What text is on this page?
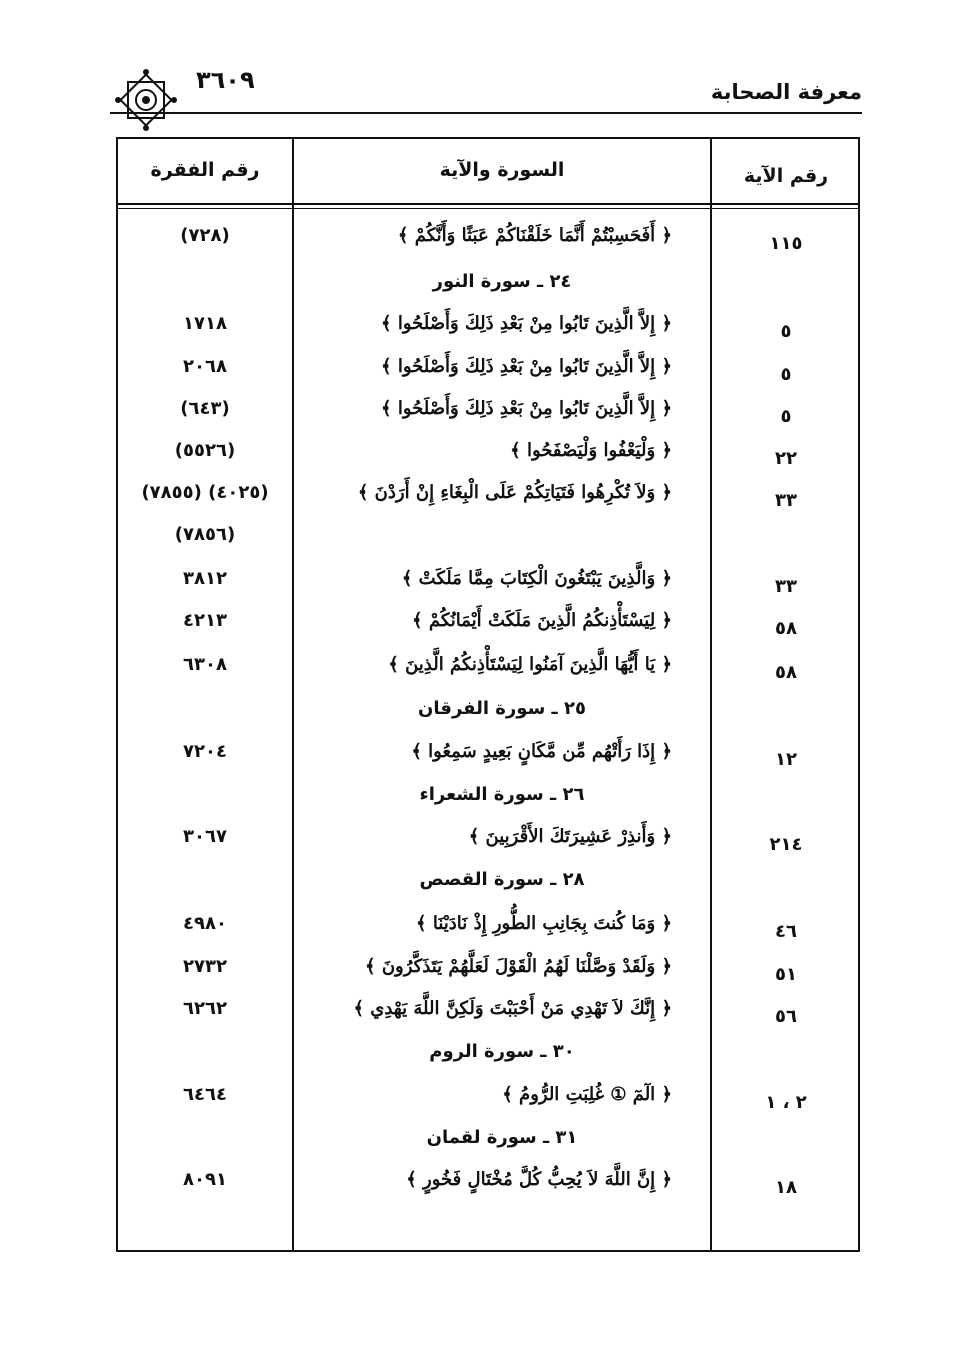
معرفة الصحابة
٣٦٠٩
رقم الفقرة	السورة والآية	رقم الآية
(٧٢٨)	﴿ أَفَحَسِبْتُمْ أَنَّمَا خَلَقْنَاكُمْ عَبَثًا وَأَنَّكُمْ ﴾	١١٥
٢٤ ـ سورة النور
١٧١٨	﴿ إِلاَّ الَّذِينَ تَابُوا مِنْ بَعْدِ ذَلِكَ وَأَصْلَحُوا ﴾	٥
٢٠٦٨	﴿ إِلاَّ الَّذِينَ تَابُوا مِنْ بَعْدِ ذَلِكَ وَأَصْلَحُوا ﴾	٥
(٦٤٣)	﴿ إِلاَّ الَّذِينَ تَابُوا مِنْ بَعْدِ ذَلِكَ وَأَصْلَحُوا ﴾	٥
(٥٥٢٦)	﴿ وَلْيَعْفُوا وَلْيَصْفَحُوا ﴾	٢٢
(٤٠٢٥) (٧٨٥٥)	﴿ وَلاَ تُكْرِهُوا فَتَيَاتِكُمْ عَلَى الْبِغَاءِ إِنْ أَرَدْنَ ﴾	٣٣
(٧٨٥٦)
٣٨١٢	﴿ وَالَّذِينَ يَبْتَغُونَ الْكِتَابَ مِمَّا مَلَكَتْ ﴾	٣٣
٤٢١٣	﴿ لِيَسْتَأْذِنكُمُ الَّذِينَ مَلَكَتْ أَيْمَانُكُمْ ﴾	٥٨
٦٣٠٨	﴿ يَا أَيُّهَا الَّذِينَ آمَنُوا لِيَسْتَأْذِنكُمُ الَّذِينَ ﴾	٥٨
٢٥ ـ سورة الفرقان
٧٢٠٤	﴿ إِذَا رَأَتْهُم مِّن مَّكَانٍ بَعِيدٍ سَمِعُوا ﴾	١٢
٢٦ ـ سورة الشعراء
٣٠٦٧	﴿ وَأَنذِرْ عَشِيرَتَكَ الأَقْرَبِينَ ﴾	٢١٤
٢٨ ـ سورة القصص
٤٩٨٠	﴿ وَمَا كُنتَ بِجَانِبِ الطُّورِ إِذْ نَادَيْنَا ﴾	٤٦
٢٧٣٢	﴿ وَلَقَدْ وَصَّلْنَا لَهُمُ الْقَوْلَ لَعَلَّهُمْ يَتَذَكَّرُونَ ﴾	٥١
٦٢٦٢	﴿ إِنَّكَ لاَ تَهْدِي مَنْ أَحْبَبْتَ وَلَكِنَّ اللَّهَ يَهْدِي ﴾	٥٦
٣٠ ـ سورة الروم
٦٤٦٤	﴿ الٓمٓ ① غُلِبَتِ الرُّومُ ﴾	٢ ، ١
٣١ ـ سورة لقمان
٨٠٩١	﴿ إِنَّ اللَّهَ لاَ يُحِبُّ كُلَّ مُخْتَالٍ فَخُورٍ ﴾	١٨
